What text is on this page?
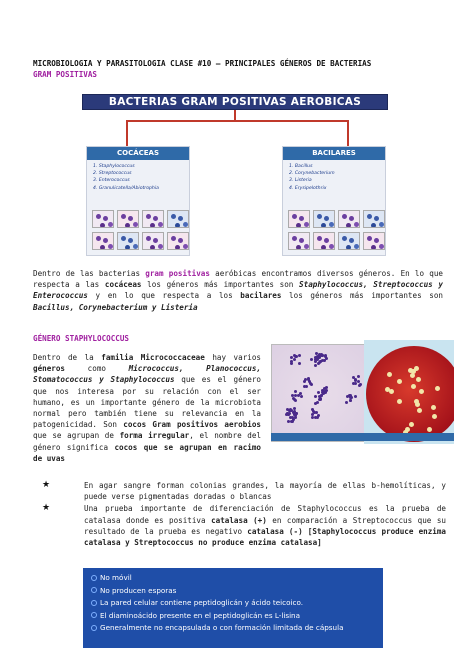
MICROBIOLOGIA Y PARASITOLOGIA CLASE #10 – PRINCIPALES GÉNEROS DE BACTERIAS
GRAM POSITIVAS
BACTERIAS GRAM POSITIVAS AEROBICAS
COCÁCEAS
1. Staphylococcus
2. Streptococcus
3. Enterococcus
4. Granulicatella/Abiotrophia
BACILARES
1. Bacillus
2. Corynebacterium
3. Listeria
4. Erysipelothrix

Dentro de las bacterias gram positivas aeróbicas encontramos diversos géneros. En lo que respecta a las cocáceas los géneros más importantes son Staphylococcus, Streptococcus y Enterococcus y en lo que respecta a los bacilares los géneros más importantes son Bacillus, Corynebacterium y Listeria

GÉNERO STAPHYLOCOCCUS

Dentro de la familia Micrococcaceae hay varios géneros como Micrococcus, Planococcus, Stomatococcus y Staphylococcus que es el género que nos interesa por su relación con el ser humano, es un importante género de la microbiota normal pero también tiene su relevancia en la patogenicidad. Son cocos Gram positivos aerobios que se agrupan de forma irregular, el nombre del género significa cocos que se agrupan en racimo de uvas

★	En agar sangre forman colonias grandes, la mayoría de ellas b-hemolíticas, y puede verse pigmentadas doradas o blancas
★	Una prueba importante de diferenciación de Staphylococcus es la prueba de catalasa donde es positiva catalasa (+) en comparación a Streptococcus que su resultado de la prueba es negativo catalasa (-) [Staphylococcus produce enzima catalasa y Streptococcus no produce enzima catalasa]
No móvil
No producen esporas
La pared celular contiene peptidoglicán y ácido teicoico.
El diaminoácido presente en el peptidoglicán es L-lisina
Generalmente no encapsulada o con formación limitada de cápsula
